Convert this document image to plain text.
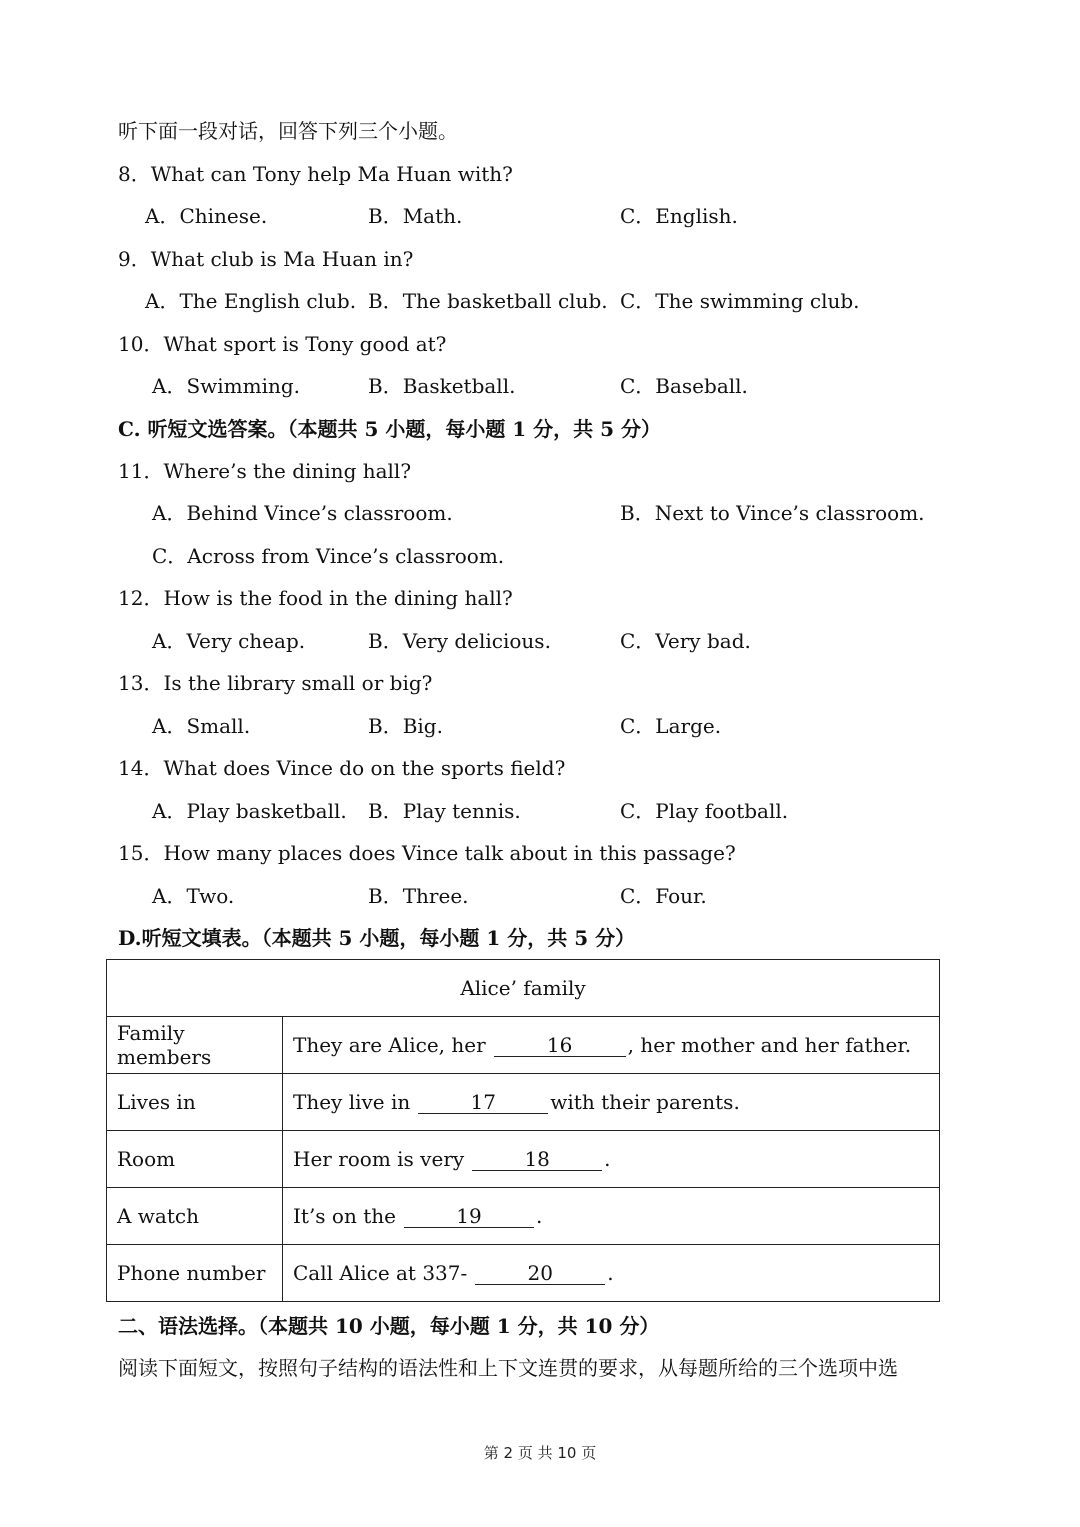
听下面一段对话，回答下列三个小题。
8．What can Tony help Ma Huan with?
A．Chinese.	B．Math.	C．English.
9．What club is Ma Huan in?
A．The English club. B．The basketball club. C．The swimming club.
10．What sport is Tony good at?
A．Swimming.	B．Basketball.	C．Baseball.
C. 听短文选答案。（本题共 5 小题，每小题 1 分，共 5 分）
11．Where’s the dining hall?
A．Behind Vince’s classroom.	B．Next to Vince’s classroom.
C．Across from Vince’s classroom.
12．How is the food in the dining hall?
A．Very cheap.	B．Very delicious.	C．Very bad.
13．Is the library small or big?
A．Small.	B．Big.	C．Large.
14．What does Vince do on the sports field?
A．Play basketball. B．Play tennis.	C．Play football.
15．How many places does Vince talk about in this passage?
A．Two.	B．Three.	C．Four.
D.听短文填表。（本题共 5 小题，每小题 1 分，共 5 分）
Alice’ family	
Family members	They are Alice, her 16 , her mother and her father.
Lives in	They live in 17 with their parents.
Room	Her room is very 18 .
A watch	It’s on the 19 .
Phone number	Call Alice at 337- 20 .
二、语法选择。（本题共 10 小题，每小题 1 分，共 10 分）
阅读下面短文，按照句子结构的语法性和上下文连贯的要求，从每题所给的三个选项中选
第 2 页 共 10 页
